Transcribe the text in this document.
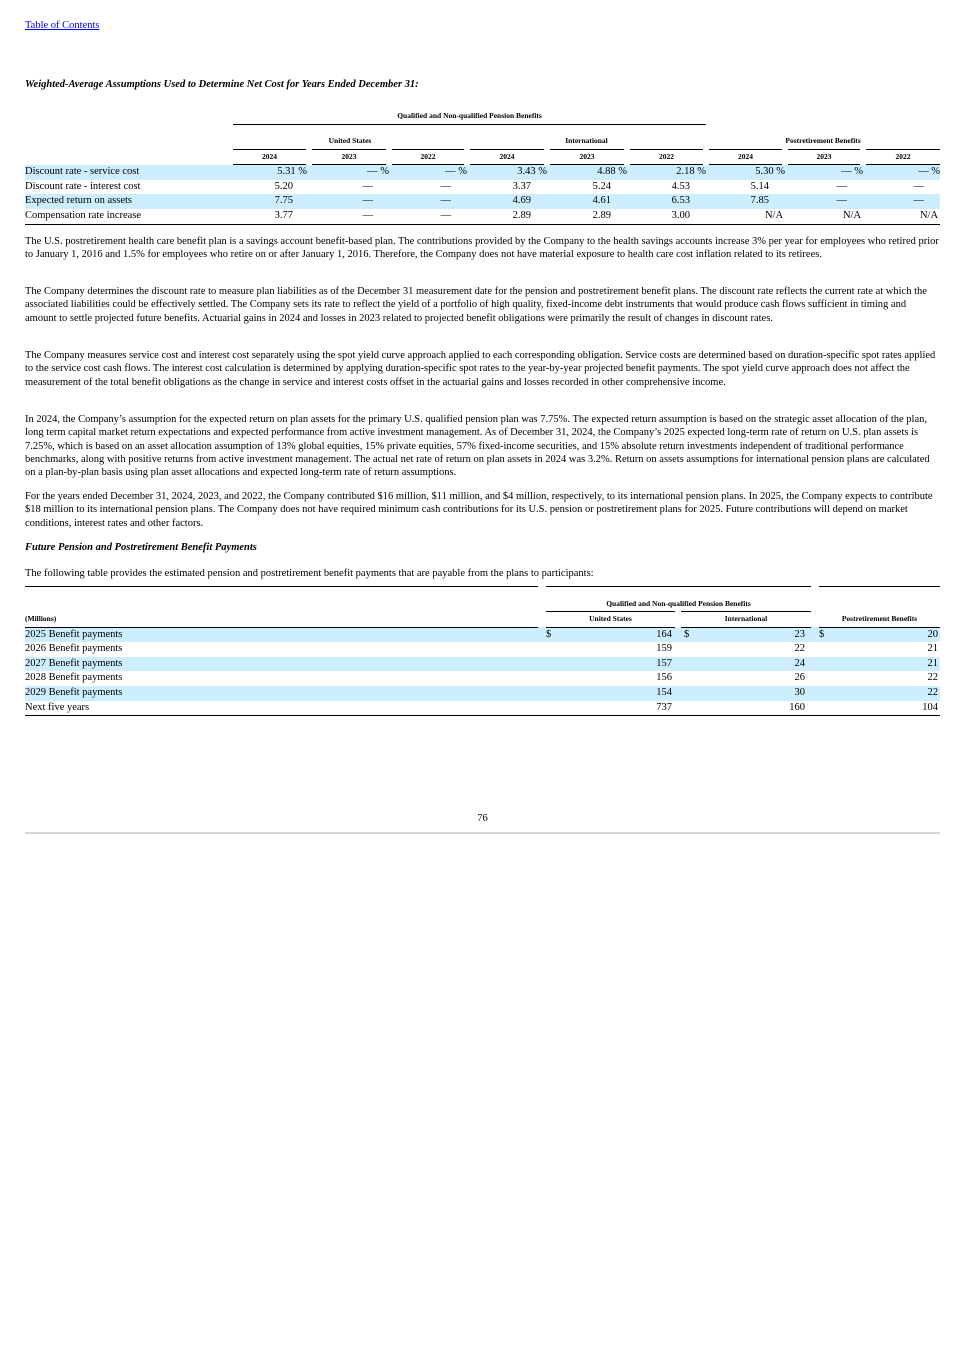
Table of Contents
Weighted-Average Assumptions Used to Determine Net Cost for Years Ended December 31:
	Qualified and Non-qualified Pension Benefits								

	United States			International			Postretirement Benefits		
	2024	2023	2022	2024	2023	2022	2024	2023	2022
Discount rate - service cost	5.31 %	— %	— %	3.43 %	4.88 %	2.18 %	5.30 %	— %	— %
Discount rate - interest cost	5.20	—	—	3.37	5.24	4.53	5.14	—	—
Expected return on assets	7.75	—	—	4.69	4.61	6.53	7.85	—	—
Compensation rate increase	3.77	—	—	2.89	2.89	3.00	N/A	N/A	N/A
The U.S. postretirement health care benefit plan is a savings account benefit-based plan. The contributions provided by the Company to the health savings accounts increase 3% per year for employees who retired prior to January 1, 2016 and 1.5% for employees who retire on or after January 1, 2016. Therefore, the Company does not have material exposure to health care cost inflation related to its retirees.
The Company determines the discount rate to measure plan liabilities as of the December 31 measurement date for the pension and postretirement benefit plans. The discount rate reflects the current rate at which the associated liabilities could be effectively settled. The Company sets its rate to reflect the yield of a portfolio of high quality, fixed-income debt instruments that would produce cash flows sufficient in timing and amount to settle projected future benefits. Actuarial gains in 2024 and losses in 2023 related to projected benefit obligations were primarily the result of changes in discount rates.
The Company measures service cost and interest cost separately using the spot yield curve approach applied to each corresponding obligation. Service costs are determined based on duration-specific spot rates applied to the service cost cash flows. The interest cost calculation is determined by applying duration-specific spot rates to the year-by-year projected benefit payments. The spot yield curve approach does not affect the measurement of the total benefit obligations as the change in service and interest costs offset in the actuarial gains and losses recorded in other comprehensive income.
In 2024, the Company’s assumption for the expected return on plan assets for the primary U.S. qualified pension plan was 7.75%. The expected return assumption is based on the strategic asset allocation of the plan, long term capital market return expectations and expected performance from active investment management. As of December 31, 2024, the Company’s 2025 expected long-term rate of return on U.S. plan assets is 7.25%, which is based on an asset allocation assumption of 13% global equities, 15% private equities, 57% fixed-income securities, and 15% absolute return investments independent of traditional performance benchmarks, along with positive returns from active investment management. The actual net rate of return on plan assets in 2024 was 3.2%. Return on assets assumptions for international pension plans are calculated on a plan-by-plan basis using plan asset allocations and expected long-term rate of return assumptions.
For the years ended December 31, 2024, 2023, and 2022, the Company contributed $16 million, $11 million, and $4 million, respectively, to its international pension plans. In 2025, the Company expects to contribute $18 million to its international pension plans. The Company does not have required minimum cash contributions for its U.S. pension or postretirement plans for 2025. Future contributions will depend on market conditions, interest rates and other factors.
Future Pension and Postretirement Benefit Payments
The following table provides the estimated pension and postretirement benefit payments that are payable from the plans to participants:

		Qualified and Non-qualified Pension Benefits						
(Millions)		United States		International			Postretirement Benefits	
2025 Benefit payments		$	164	$	23		$	20
2026 Benefit payments			159		22			21
2027 Benefit payments			157		24			21
2028 Benefit payments			156		26			22
2029 Benefit payments			154		30			22
Next five years			737		160			104
76
